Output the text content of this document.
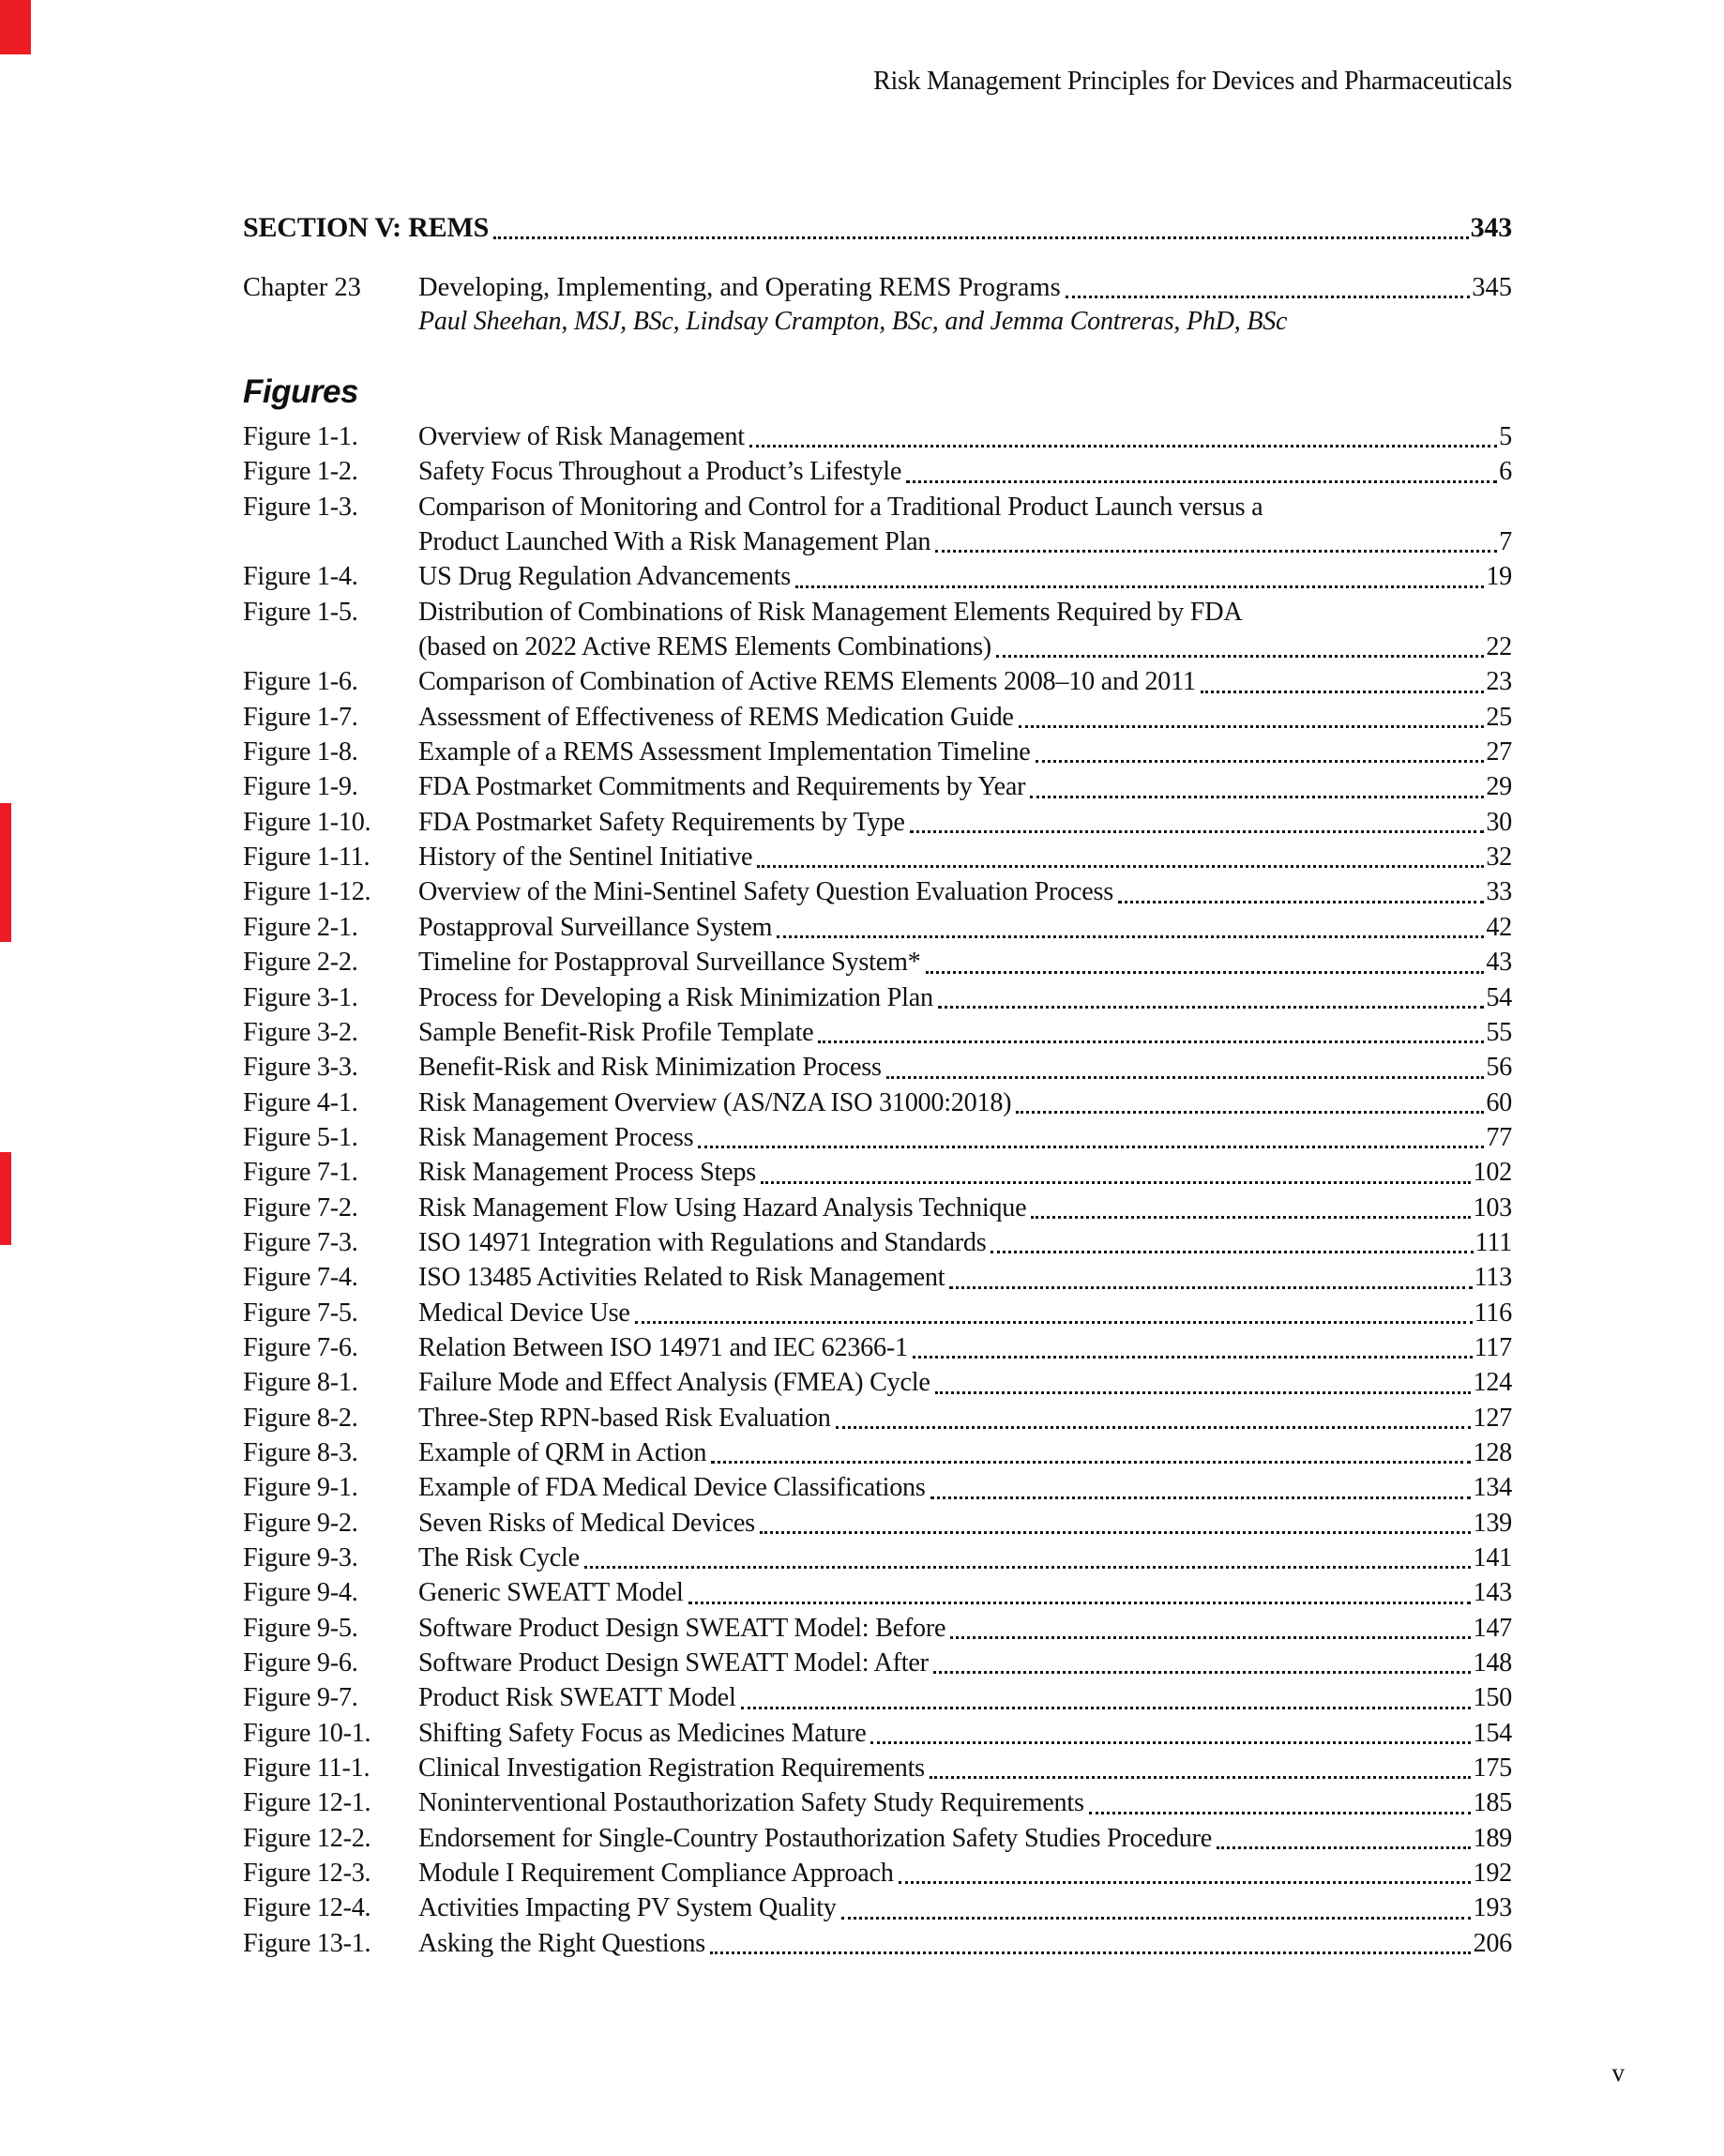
Risk Management Principles for Devices and Pharmaceuticals
SECTION V: REMS	343
Chapter 23	Developing, Implementing, and Operating REMS Programs	345
Paul Sheehan, MSJ, BSc, Lindsay Crampton, BSc, and Jemma Contreras, PhD, BSc
Figures
Figure 1-1.	Overview of Risk Management	5
Figure 1-2.	Safety Focus Throughout a Product’s Lifestyle	6
Figure 1-3.	Comparison of Monitoring and Control for a Traditional Product Launch versus a
Product Launched With a Risk Management Plan	7
Figure 1-4.	US Drug Regulation Advancements	19
Figure 1-5.	Distribution of Combinations of Risk Management Elements Required by FDA
(based on 2022 Active REMS Elements Combinations)	22
Figure 1-6.	Comparison of Combination of Active REMS Elements 2008–10 and 2011	23
Figure 1-7.	Assessment of Effectiveness of REMS Medication Guide	25
Figure 1-8.	Example of a REMS Assessment Implementation Timeline	27
Figure 1-9.	FDA Postmarket Commitments and Requirements by Year	29
Figure 1-10.	FDA Postmarket Safety Requirements by Type	30
Figure 1-11.	History of the Sentinel Initiative	32
Figure 1-12.	Overview of the Mini-Sentinel Safety Question Evaluation Process	33
Figure 2-1.	Postapproval Surveillance System	42
Figure 2-2.	Timeline for Postapproval Surveillance System*	43
Figure 3-1.	Process for Developing a Risk Minimization Plan	54
Figure 3-2.	Sample Benefit-Risk Profile Template	55
Figure 3-3.	Benefit-Risk and Risk Minimization Process	56
Figure 4-1.	Risk Management Overview (AS/NZA ISO 31000:2018)	60
Figure 5-1.	Risk Management Process	77
Figure 7-1.	Risk Management Process Steps	102
Figure 7-2.	Risk Management Flow Using Hazard Analysis Technique	103
Figure 7-3.	ISO 14971 Integration with Regulations and Standards	111
Figure 7-4.	ISO 13485 Activities Related to Risk Management	113
Figure 7-5.	Medical Device Use	116
Figure 7-6.	Relation Between ISO 14971 and IEC 62366-1	117
Figure 8-1.	Failure Mode and Effect Analysis (FMEA) Cycle	124
Figure 8-2.	Three-Step RPN-based Risk Evaluation	127
Figure 8-3.	Example of QRM in Action	128
Figure 9-1.	Example of FDA Medical Device Classifications	134
Figure 9-2.	Seven Risks of Medical Devices	139
Figure 9-3.	The Risk Cycle	141
Figure 9-4.	Generic SWEATT Model	143
Figure 9-5.	Software Product Design SWEATT Model: Before	147
Figure 9-6.	Software Product Design SWEATT Model: After	148
Figure 9-7.	Product Risk SWEATT Model	150
Figure 10-1.	Shifting Safety Focus as Medicines Mature	154
Figure 11-1.	Clinical Investigation Registration Requirements	175
Figure 12-1.	Noninterventional Postauthorization Safety Study Requirements	185
Figure 12-2.	Endorsement for Single-Country Postauthorization Safety Studies Procedure	189
Figure 12-3.	Module I Requirement Compliance Approach	192
Figure 12-4.	Activities Impacting PV System Quality	193
Figure 13-1.	Asking the Right Questions	206
v
